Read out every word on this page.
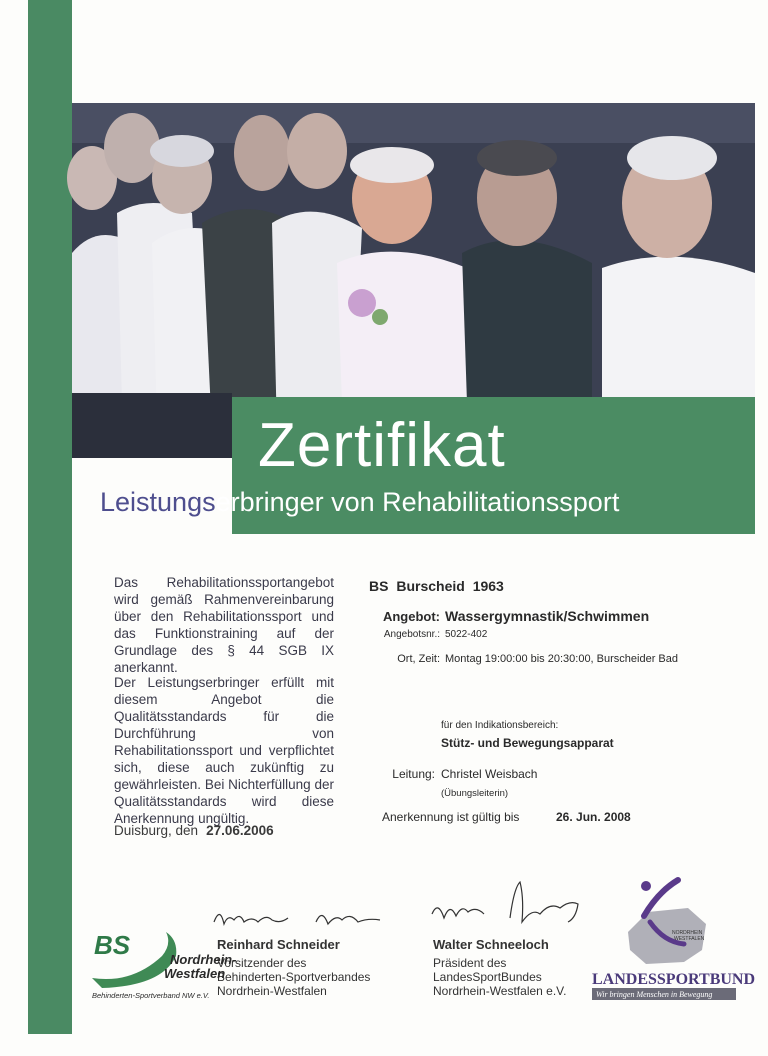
Zertifikat
Leistungserbringer von Rehabilitationssport
Das Rehabilitationssportangebot wird gemäß Rahmenvereinbarung über den Rehabilitationssport und das Funktionstraining auf der Grundlage des § 44 SGB IX anerkannt.
Der Leistungserbringer erfüllt mit diesem Angebot die Qualitätsstandards für die Durchführung von Rehabilitationssport und verpflichtet sich, diese auch zukünftig zu gewährleisten. Bei Nichterfüllung der Qualitätsstandards wird diese Anerkennung ungültig.
Duisburg, den 27.06.2006
BS Burscheid 1963
Angebot: Wassergymnastik/Schwimmen
Angebotsnr.: 5022-402
Ort, Zeit: Montag 19:00:00 bis 20:30:00, Burscheider Bad
für den Indikationsbereich:
Stütz- und Bewegungsapparat
Leitung: Christel Weisbach
(Übungsleiterin)
Anerkennung ist gültig bis	26. Jun. 2008
Reinhard Schneider
Vorsitzender des
Behinderten-Sportverbandes
Nordrhein-Westfalen
Walter Schneeloch
Präsident des
LandesSportBundes
Nordrhein-Westfalen e.V.
BS	Nordrhein-
Westfalen
Behinderten-Sportverband NW e.V.
NORDRHEIN
WESTFALEN
LANDESSPORTBUND
Wir bringen Menschen in Bewegung
